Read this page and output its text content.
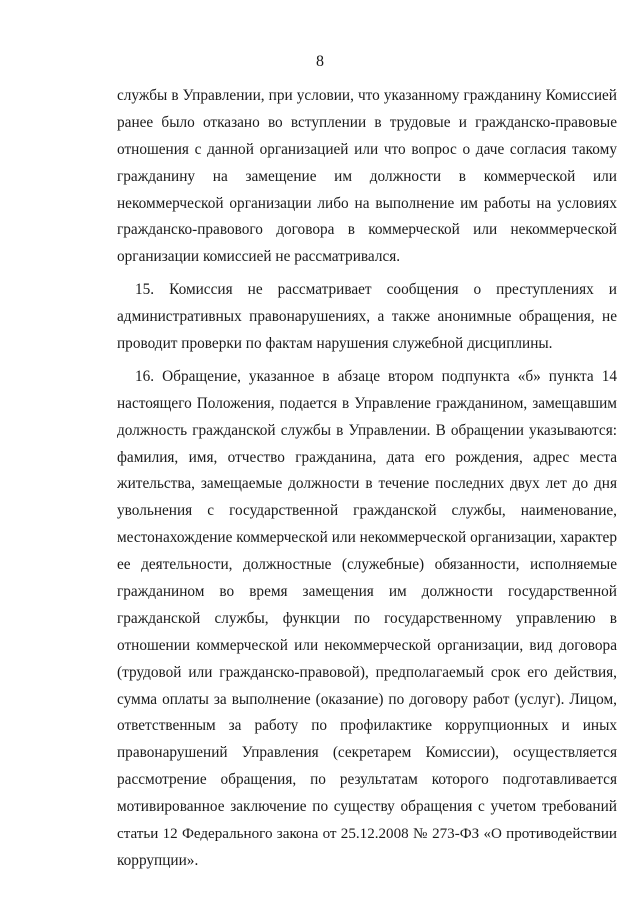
8
службы в Управлении, при условии, что указанному гражданину Комиссией
ранее было отказано во вступлении в трудовые и гражданско-правовые
отношения с данной организацией или что вопрос о даче согласия такому
гражданину на замещение им должности в коммерческой или
некоммерческой организации либо на выполнение им работы на условиях
гражданско-правового договора в коммерческой или некоммерческой
организации комиссией не рассматривался.
15. Комиссия не рассматривает сообщения о преступлениях и
административных правонарушениях, а также анонимные обращения, не
проводит проверки по фактам нарушения служебной дисциплины.
16. Обращение, указанное в абзаце втором подпункта «б» пункта 14
настоящего Положения, подается в Управление гражданином, замещавшим
должность гражданской службы в Управлении. В обращении указываются:
фамилия, имя, отчество гражданина, дата его рождения, адрес места
жительства, замещаемые должности в течение последних двух лет до дня
увольнения с государственной гражданской службы, наименование,
местонахождение коммерческой или некоммерческой организации, характер
ее деятельности, должностные (служебные) обязанности, исполняемые
гражданином во время замещения им должности государственной
гражданской службы, функции по государственному управлению в
отношении коммерческой или некоммерческой организации, вид договора
(трудовой или гражданско-правовой), предполагаемый срок его действия,
сумма оплаты за выполнение (оказание) по договору работ (услуг). Лицом,
ответственным за работу по профилактике коррупционных и иных
правонарушений Управления (секретарем Комиссии), осуществляется
рассмотрение обращения, по результатам которого подготавливается
мотивированное заключение по существу обращения с учетом требований
статьи 12 Федерального закона от 25.12.2008 № 273-ФЗ «О противодействии
коррупции».
